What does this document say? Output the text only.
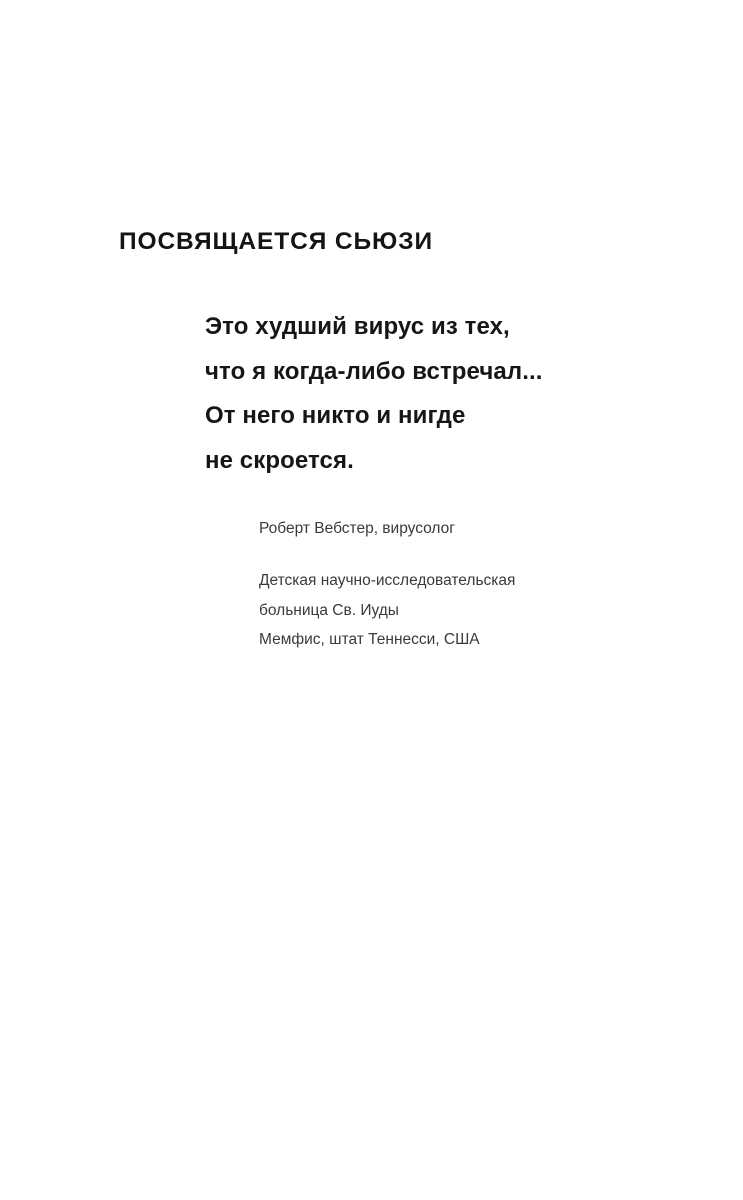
ПОСВЯЩАЕТСЯ СЬЮЗИ
Это худший вирус из тех,
что я когда-либо встречал...
От него никто и нигде
не скроется.
Роберт Вебстер, вирусолог
Детская научно-исследовательская
больница Св. Иуды
Мемфис, штат Теннесси, США
